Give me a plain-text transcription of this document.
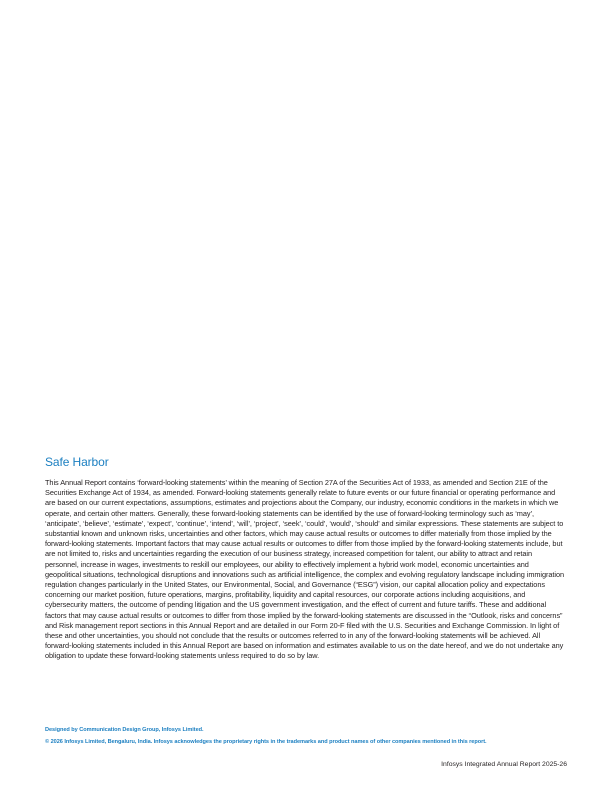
Safe Harbor

This Annual Report contains ‘forward-looking statements’ within the meaning of Section 27A of the Securities Act of 1933, as amended and Section 21E of the Securities Exchange Act of 1934, as amended. Forward-looking statements generally relate to future events or our future financial or operating performance and are based on our current expectations, assumptions, estimates and projections about the Company, our industry, economic conditions in the markets in which we operate, and certain other matters. Generally, these forward-looking statements can be identified by the use of forward-looking terminology such as ‘may’, ‘anticipate’, ‘believe’, ‘estimate’, ‘expect’, ‘continue’, ‘intend’, ‘will’, ‘project’, ‘seek’, ‘could’, ‘would’, ‘should’ and similar expressions. These statements are subject to substantial known and unknown risks, uncertainties and other factors, which may cause actual results or outcomes to differ materially from those implied by the forward-looking statements. Important factors that may cause actual results or outcomes to differ from those implied by the forward-looking statements include, but are not limited to, risks and uncertainties regarding the execution of our business strategy, increased competition for talent, our ability to attract and retain personnel, increase in wages, investments to reskill our employees, our ability to effectively implement a hybrid work model, economic uncertainties and geopolitical situations, technological disruptions and innovations such as artificial intelligence, the complex and evolving regulatory landscape including immigration regulation changes particularly in the United States, our Environmental, Social, and Governance (“ESG”) vision, our capital allocation policy and expectations concerning our market position, future operations, margins, profitability, liquidity and capital resources, our corporate actions including acquisitions, and cybersecurity matters, the outcome of pending litigation and the US government investigation, and the effect of current and future tariffs. These and additional factors that may cause actual results or outcomes to differ from those implied by the forward-looking statements are discussed in the “Outlook, risks and concerns” and Risk management report sections in this Annual Report and are detailed in our Form 20-F filed with the U.S. Securities and Exchange Commission. In light of these and other uncertainties, you should not conclude that the results or outcomes referred to in any of the forward-looking statements will be achieved. All forward-looking statements included in this Annual Report are based on information and estimates available to us on the date hereof, and we do not undertake any obligation to update these forward-looking statements unless required to do so by law.

Designed by Communication Design Group, Infosys Limited.
© 2026 Infosys Limited, Bengaluru, India. Infosys acknowledges the proprietary rights in the trademarks and product names of other companies mentioned in this report.
Infosys Integrated Annual Report 2025-26
